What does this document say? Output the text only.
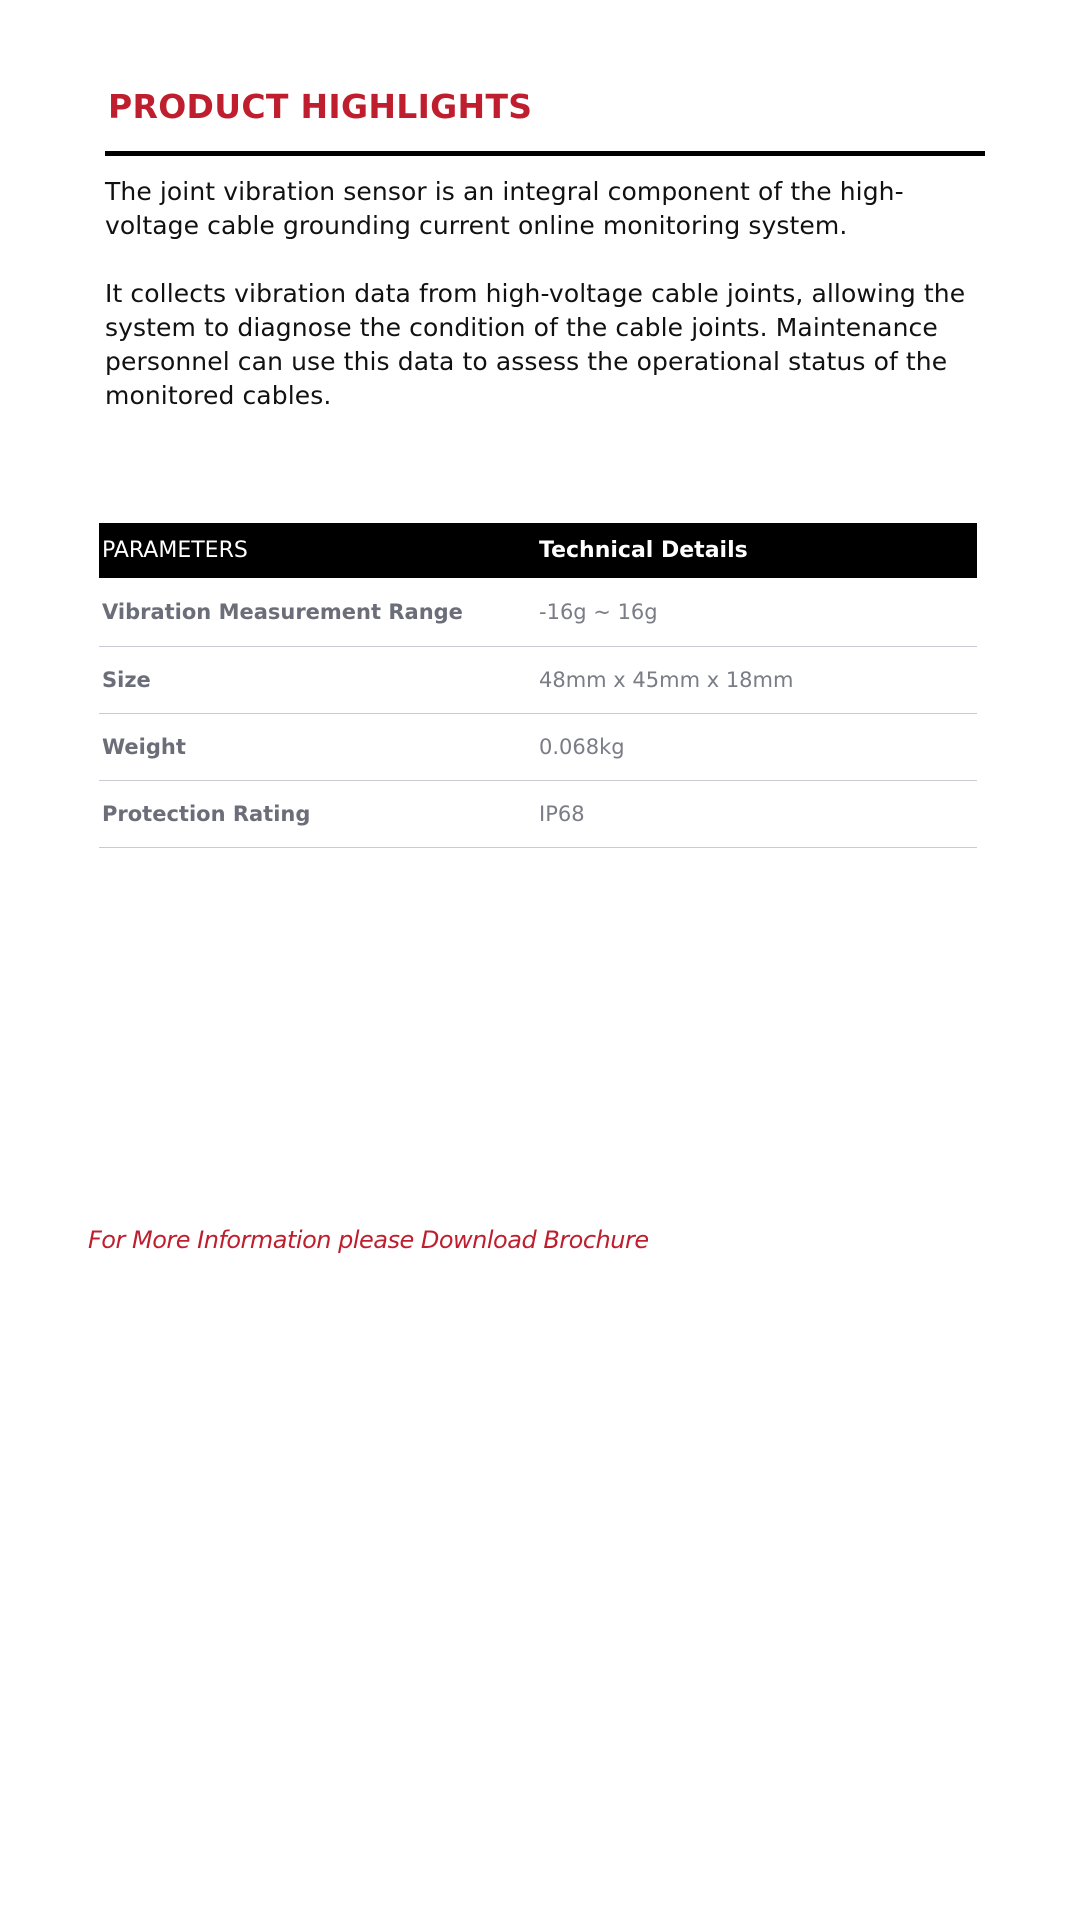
PRODUCT HIGHLIGHTS

The joint vibration sensor is an integral component of the high-voltage cable grounding current online monitoring system.

It collects vibration data from high-voltage cable joints, allowing the system to diagnose the condition of the cable joints. Maintenance personnel can use this data to assess the operational status of the monitored cables.

PARAMETERS	Technical Details
Vibration Measurement Range	-16g ~ 16g
Size	48mm x 45mm x 18mm
Weight	0.068kg
Protection Rating	IP68
For More Information please Download Brochure
